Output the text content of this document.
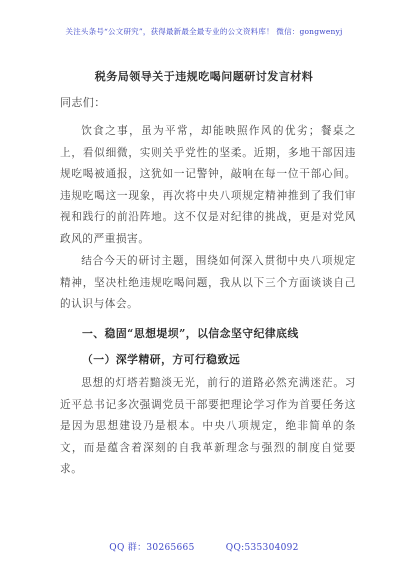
关注头条号“公文研究”，获得最新最全最专业的公文资料库！ 微信：gongwenyj
税务局领导关于违规吃喝问题研讨发言材料
同志们：

饮食之事，虽为平常，却能映照作风的优劣；餐桌之上，看似细微，实则关乎党性的坚柔。近期，多地干部因违规吃喝被通报，这犹如一记警钟，敲响在每一位干部心间。违规吃喝这一现象，再次将中央八项规定精神推到了我们审视和践行的前沿阵地。这不仅是对纪律的挑战，更是对党风政风的严重损害。

结合今天的研讨主题，围绕如何深入贯彻中央八项规定精神，坚决杜绝违规吃喝问题，我从以下三个方面谈谈自己的认识与体会。

一、稳固“思想堤坝”，以信念坚守纪律底线
（一）深学精研，方可行稳致远

思想的灯塔若黯淡无光，前行的道路必然充满迷茫。习近平总书记多次强调党员干部要把理论学习作为首要任务这是因为思想建设乃是根本。中央八项规定，绝非简单的条文，而是蕴含着深刻的自我革新理念与强烈的制度自觉要求。

QQ 群：30265665	QQ:535304092
